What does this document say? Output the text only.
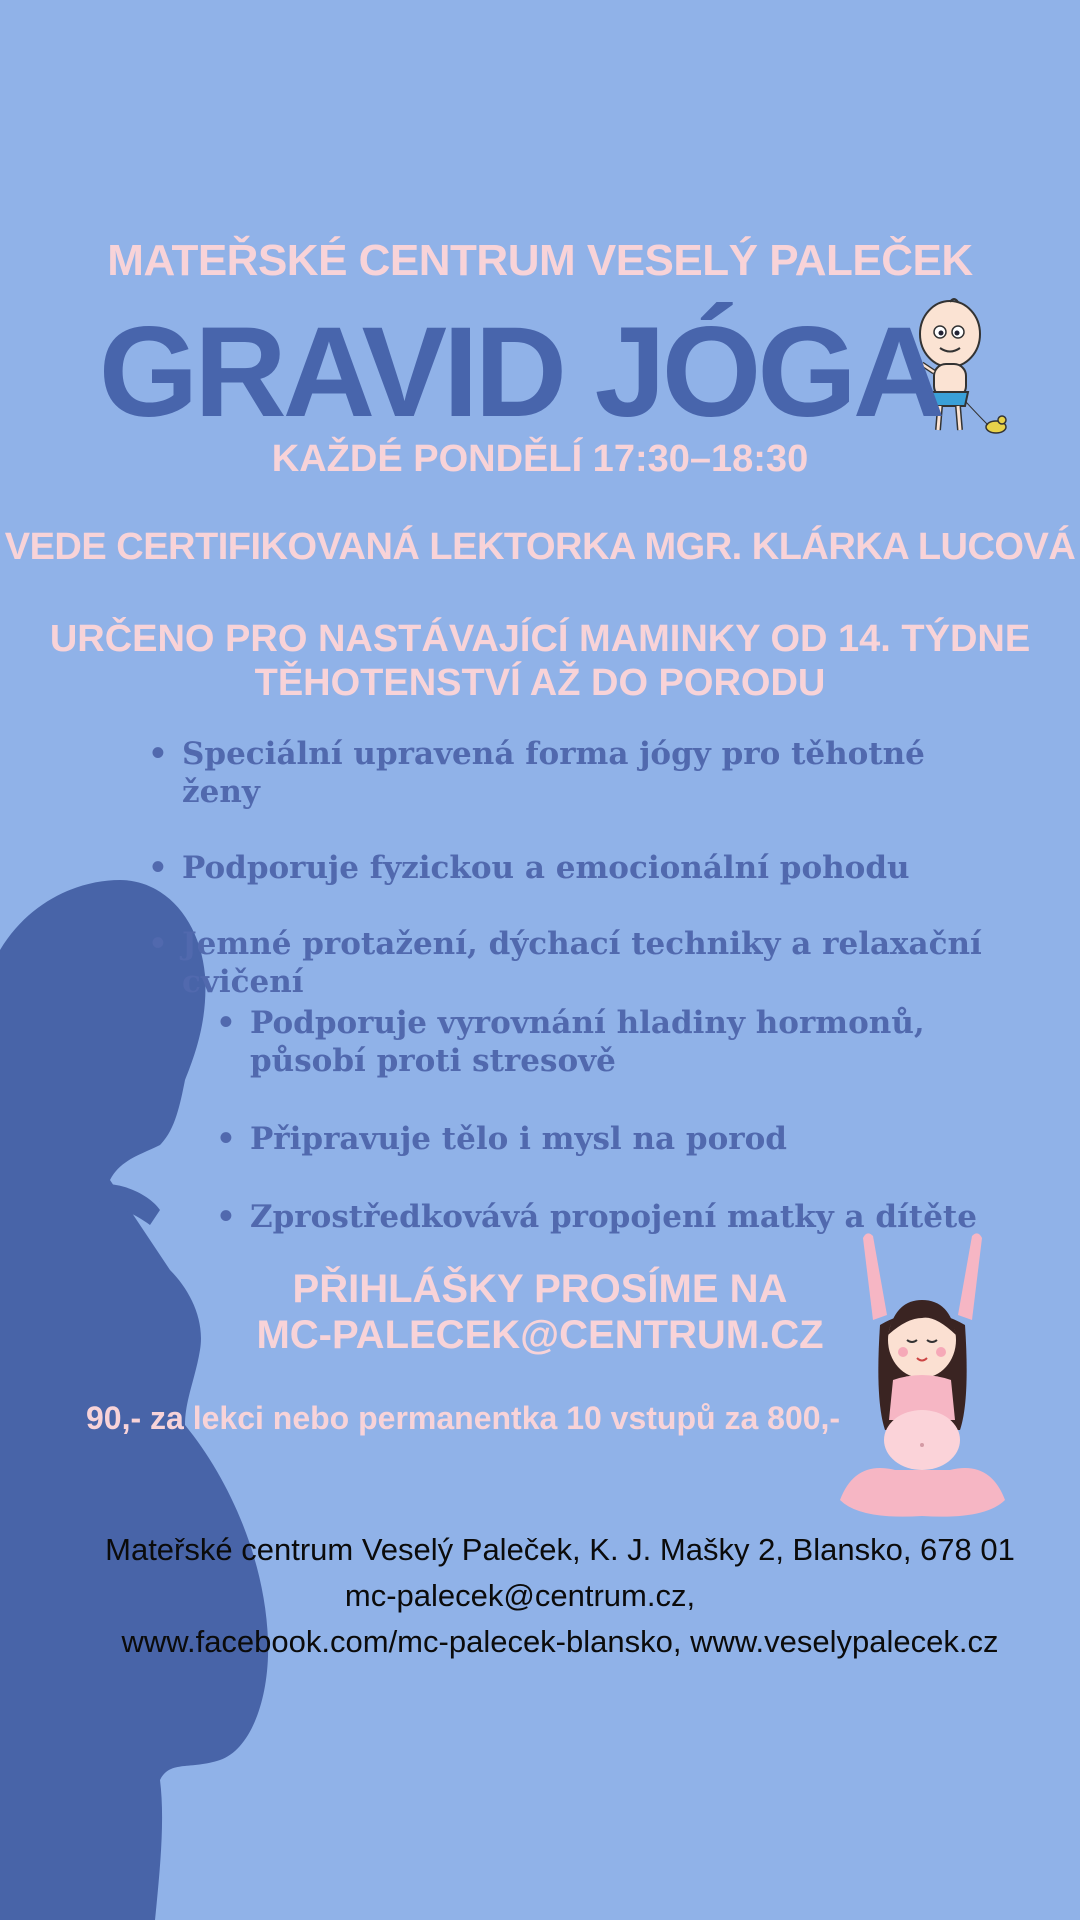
MATEŘSKÉ CENTRUM VESELÝ PALEČEK
GRAVID JÓGA
KAŽDÉ PONDĚLÍ 17:30–18:30
VEDE CERTIFIKOVANÁ LEKTORKA MGR. KLÁRKA LUCOVÁ
URČENO PRO NASTÁVAJÍCÍ MAMINKY OD 14. TÝDNE
TĚHOTENSTVÍ AŽ DO PORODU
• Speciální upravená forma jógy pro těhotné ženy
• Podporuje fyzickou a emocionální pohodu
• Jemné protažení, dýchací techniky a relaxační cvičení
• Podporuje vyrovnání hladiny hormonů, působí proti stresově
• Připravuje tělo i mysl na porod
• Zprostředkovává propojení matky a dítěte
PŘIHLÁŠKY PROSÍME NA
MC-PALECEK@CENTRUM.CZ
90,- za lekci nebo permanentka 10 vstupů za 800,-
Mateřské centrum Veselý Paleček, K. J. Mašky 2, Blansko, 678 01
mc-palecek@centrum.cz,
www.facebook.com/mc-palecek-blansko, www.veselypalecek.cz
